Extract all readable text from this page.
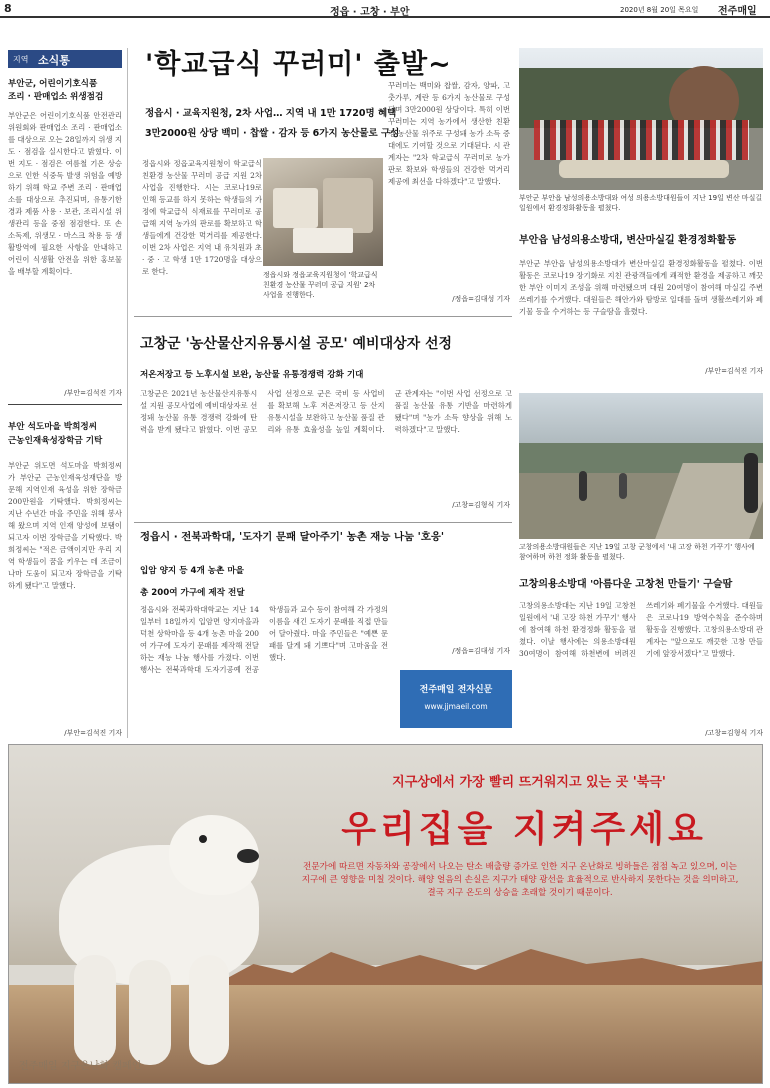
8	정읍 · 고창 · 부안	2020년 8월 20일 목요일 전주매일
지역 소식통
부안군, 어린이기호식품
조리 · 판매업소 위생점검
부안군은 어린이기호식품 안전관리 위원회와 판매업소 조리 · 판매업소를 대상으로 오는 28일까지 위생 지도 · 점검을 실시한다고 밝혔다. 이번 지도 · 점검은 여름철 기온 상승으로 인한 식중독 발생 위험을 예방하기 위해 학교 주변 조리 · 판매업소를 대상으로 추진되며, 유통기한 경과 제품 사용 · 보관, 조리시설 위생관리 등을 중점 점검한다. 또 손소독제, 위생모 · 마스크 착용 등 생활방역에 필요한 사항을 안내하고 어린이 식생활 안전을 위한 홍보물을 배부할 계획이다.
/부안=김석진 기자
부안 석도마을 박희정씨
근농인재육성장학금 기탁
부안군 위도면 석도마을 박희정씨가 부안군 근농인재육성재단을 방문해 지역인재 육성을 위한 장학금 200만원을 기탁했다. 박희정씨는 지난 수년간 마을 주민을 위해 봉사해 왔으며 지역 인재 양성에 보탬이 되고자 이번 장학금을 기탁했다. 박희정씨는 "적은 금액이지만 우리 지역 학생들이 꿈을 키우는 데 조금이나마 도움이 되고자 장학금을 기탁하게 됐다"고 말했다.
/부안=김석진 기자
'학교급식 꾸러미' 출발~
정읍시 · 교육지원청, 2차 사업… 지역 내 1만 1720명 혜택
3만2000원 상당 백미 · 찹쌀 · 감자 등 6가지 농산물로 구성
정읍시와 정읍교육지원청이 학교급식 친환경 농산물 꾸러미 공급 지원 2차 사업을 진행한다. 시는 코로나19로 인해 등교를 하지 못하는 학생들의 가정에 학교급식 식재료를 꾸러미로 공급해 지역 농가의 판로를 확보하고 학생들에게 건강한 먹거리를 제공한다. 이번 2차 사업은 지역 내 유치원과 초 · 중 · 고 학생 1만 1720명을 대상으로 한다.	정읍시와 정읍교육지원청이 '학교급식 친환경 농산물 꾸러미 공급 지원' 2차 사업을 진행한다.
꾸러미는 백미와 찹쌀, 감자, 양파, 고춧가루, 계란 등 6가지 농산물로 구성되며 3만2000원 상당이다. 특히 이번 꾸러미는 지역 농가에서 생산한 친환경 농산물 위주로 구성돼 농가 소득 증대에도 기여할 것으로 기대된다. 시 관계자는 "2차 학교급식 꾸러미로 농가 판로 확보와 학생들의 건강한 먹거리 제공에 최선을 다하겠다"고 말했다.
/정읍=김대성 기자
부안군 부안읍 남성의용소방대와 여성 의용소방대원들이 지난 19일 변산 마실길 일원에서 환경정화활동을 펼쳤다.
부안읍 남성의용소방대, 변산마실길 환경정화활동
부안군 부안읍 남성의용소방대가 변산마실길 환경정화활동을 펼쳤다. 이번 활동은 코로나19 장기화로 지친 관광객들에게 쾌적한 환경을 제공하고 깨끗한 부안 이미지 조성을 위해 마련됐으며 대원 20여명이 참여해 마실길 주변 쓰레기를 수거했다. 대원들은 해안가와 탐방로 일대를 돌며 생활쓰레기와 폐기물 등을 수거하는 등 구슬땀을 흘렸다.
/부안=김석진 기자
고창군 '농산물산지유통시설 공모' 예비대상자 선정
저온저장고 등 노후시설 보완, 농산물 유통경쟁력 강화 기대
고창군은 2021년 농산물산지유통시설 지원 공모사업에 예비대상자로 선정돼 농산물 유통 경쟁력 강화에 탄력을 받게 됐다고 밝혔다. 이번 공모사업 선정으로 군은 국비 등 사업비를 확보해 노후 저온저장고 등 산지유통시설을 보완하고 농산물 품질 관리와 유통 효율성을 높일 계획이다. 군 관계자는 "이번 사업 선정으로 고품질 농산물 유통 기반을 마련하게 됐다"며 "농가 소득 향상을 위해 노력하겠다"고 말했다.
/고창=김형식 기자
정읍시 · 전북과학대, '도자기 문패 달아주기' 농촌 재능 나눔 '호응'
입암 양지 등 4개 농촌 마을
총 200여 가구에 제작 전달
정읍시와 전북과학대학교는 지난 14일부터 18일까지 입암면 양지마을과 덕천 상학마을 등 4개 농촌 마을 200여 가구에 도자기 문패를 제작해 전달하는 재능 나눔 행사를 가졌다. 이번 행사는 전북과학대 도자기공예 전공 학생들과 교수 등이 참여해 각 가정의 이름을 새긴 도자기 문패를 직접 만들어 달아줬다. 마을 주민들은 "예쁜 문패를 달게 돼 기쁘다"며 고마움을 전했다.
/정읍=김대성 기자
전주매일 전자신문
www.jjmaeil.com
고창의용소방대원들은 지난 19일 고창 군청에서 '내 고장 하천 가꾸기' 행사에 참여하며 하천 정화 활동을 펼쳤다.
고창의용소방대 '아름다운 고창천 만들기' 구슬땀
고창의용소방대는 지난 19일 고창천 일원에서 '내 고장 하천 가꾸기' 행사에 참여해 하천 환경정화 활동을 펼쳤다. 이날 행사에는 의용소방대원 30여명이 참여해 하천변에 버려진 쓰레기와 폐기물을 수거했다. 대원들은 코로나19 방역수칙을 준수하며 활동을 진행했다. 고창의용소방대 관계자는 "앞으로도 깨끗한 고창 만들기에 앞장서겠다"고 말했다.
/고창=김형식 기자
지구상에서 가장 빨리 뜨거워지고 있는 곳 '북극'
우리집을 지켜주세요
전문가에 따르면 자동차와 공장에서 나오는 탄소 배출량 증가로 인한 지구 온난화로 빙하들은 점점 녹고 있으며, 이는 지구에 큰 영향을 미칠 것이다. 해양 얼음의 손실은 지구가 태양 광선을 효율적으로 반사하지 못한다는 것을 의미하고, 결국 지구 온도의 상승을 초래할 것이기 때문이다.
전주매일 지구온난화 캠페인
